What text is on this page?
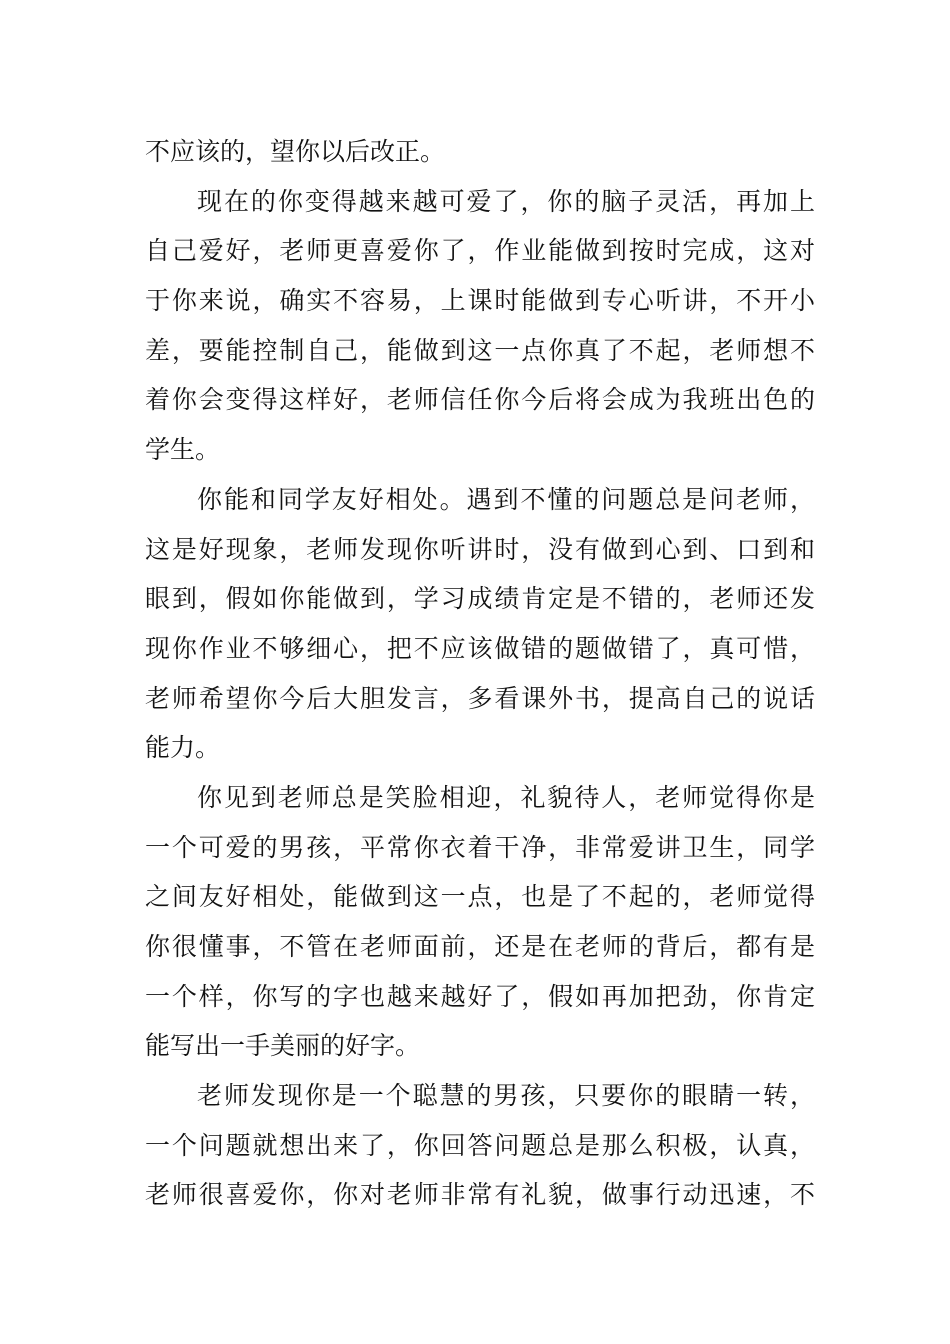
不应该的，望你以后改正。
现在的你变得越来越可爱了，你的脑子灵活，再加上
自己爱好，老师更喜爱你了，作业能做到按时完成，这对
于你来说，确实不容易，上课时能做到专心听讲，不开小
差，要能控制自己，能做到这一点你真了不起，老师想不
着你会变得这样好，老师信任你今后将会成为我班出色的
学生。
你能和同学友好相处。遇到不懂的问题总是问老师，
这是好现象，老师发现你听讲时，没有做到心到、口到和
眼到，假如你能做到，学习成绩肯定是不错的，老师还发
现你作业不够细心，把不应该做错的题做错了，真可惜，
老师希望你今后大胆发言，多看课外书，提高自己的说话
能力。
你见到老师总是笑脸相迎，礼貌待人，老师觉得你是
一个可爱的男孩，平常你衣着干净，非常爱讲卫生，同学
之间友好相处，能做到这一点，也是了不起的，老师觉得
你很懂事，不管在老师面前，还是在老师的背后，都有是
一个样，你写的字也越来越好了，假如再加把劲，你肯定
能写出一手美丽的好字。
老师发现你是一个聪慧的男孩，只要你的眼睛一转，
一个问题就想出来了，你回答问题总是那么积极，认真，
老师很喜爱你，你对老师非常有礼貌，做事行动迅速，不
